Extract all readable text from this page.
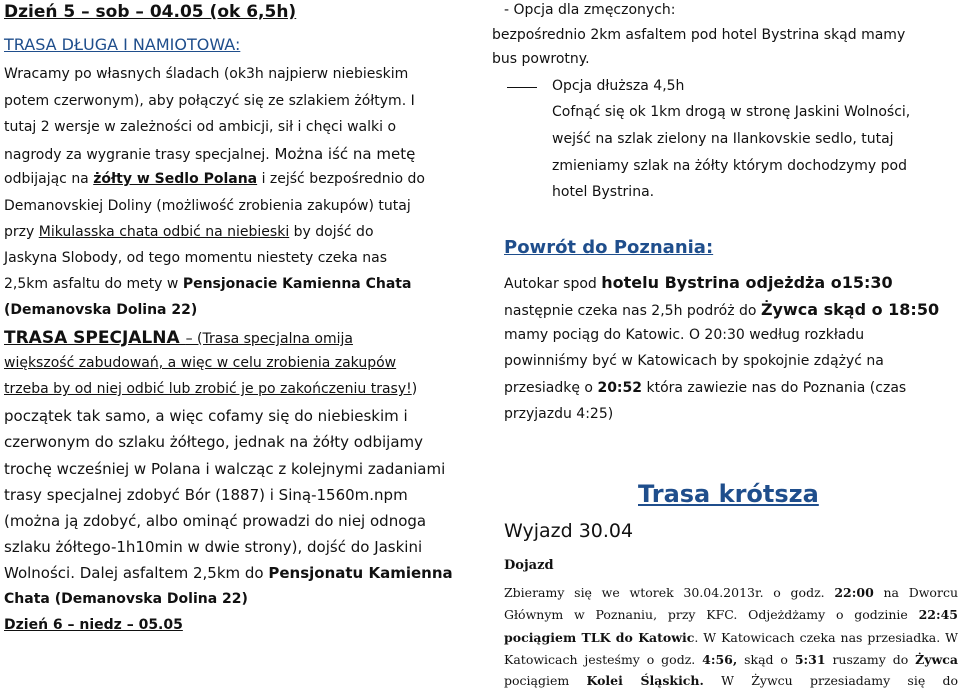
Dzień 5 – sob – 04.05 (ok 6,5h)
TRASA DŁUGA I NAMIOTOWA:
Wracamy po własnych śladach (ok3h najpierw niebieskim
potem czerwonym), aby połączyć się ze szlakiem żółtym. I
tutaj 2 wersje w zależności od ambicji, sił i chęci walki o
nagrody za wygranie trasy specjalnej. Można iść na metę
odbijając na żółty w Sedlo Polana i zejść bezpośrednio do
Demanovskiej Doliny (możliwość zrobienia zakupów) tutaj
przy Mikulasska chata odbić na niebieski by dojść do
Jaskyna Slobody, od tego momentu niestety czeka nas
2,5km asfaltu do mety w Pensjonacie Kamienna Chata
(Demanovska Dolina 22)
TRASA SPECJALNA – (Trasa specjalna omija
większość zabudowań, a więc w celu zrobienia zakupów
trzeba by od niej odbić lub zrobić je po zakończeniu trasy!)
początek tak samo, a więc cofamy się do niebieskim i
czerwonym do szlaku żółtego, jednak na żółty odbijamy
trochę wcześniej w Polana i walcząc z kolejnymi zadaniami
trasy specjalnej zdobyć Bór (1887) i Siną-1560m.npm
(można ją zdobyć, albo ominąć prowadzi do niej odnoga
szlaku żółtego-1h10min w dwie strony), dojść do Jaskini
Wolności. Dalej asfaltem 2,5km do Pensjonatu Kamienna
Chata (Demanovska Dolina 22)
Dzień 6 – niedz – 05.05
- Opcja dla zmęczonych:
bezpośrednio 2km asfaltem pod hotel Bystrina skąd mamy
bus powrotny.
Opcja dłuższa 4,5h
Cofnąć się ok 1km drogą w stronę Jaskini Wolności,
wejść na szlak zielony na Ilankovskie sedlo, tutaj
zmieniamy szlak na żółty którym dochodzymy pod
hotel Bystrina.
Powrót do Poznania:
Autokar spod hotelu Bystrina odjeżdża o15:30
następnie czeka nas 2,5h podróż do Żywca skąd o 18:50
mamy pociąg do Katowic. O 20:30 według rozkładu
powinniśmy być w Katowicach by spokojnie zdążyć na
przesiadkę o 20:52 która zawiezie nas do Poznania (czas
przyjazdu 4:25)
Trasa krótsza
Wyjazd 30.04
Dojazd
Zbieramy się we wtorek 30.04.2013r. o godz. 22:00 na Dworcu
Głównym w Poznaniu, przy KFC. Odjeżdżamy o godzinie 22:45
pociągiem TLK do Katowic. W Katowicach czeka nas przesiadka. W
Katowicach jesteśmy o godz. 4:56, skąd o 5:31 ruszamy do Żywca
pociągiem Kolei Śląskich. W Żywcu przesiadamy się do
